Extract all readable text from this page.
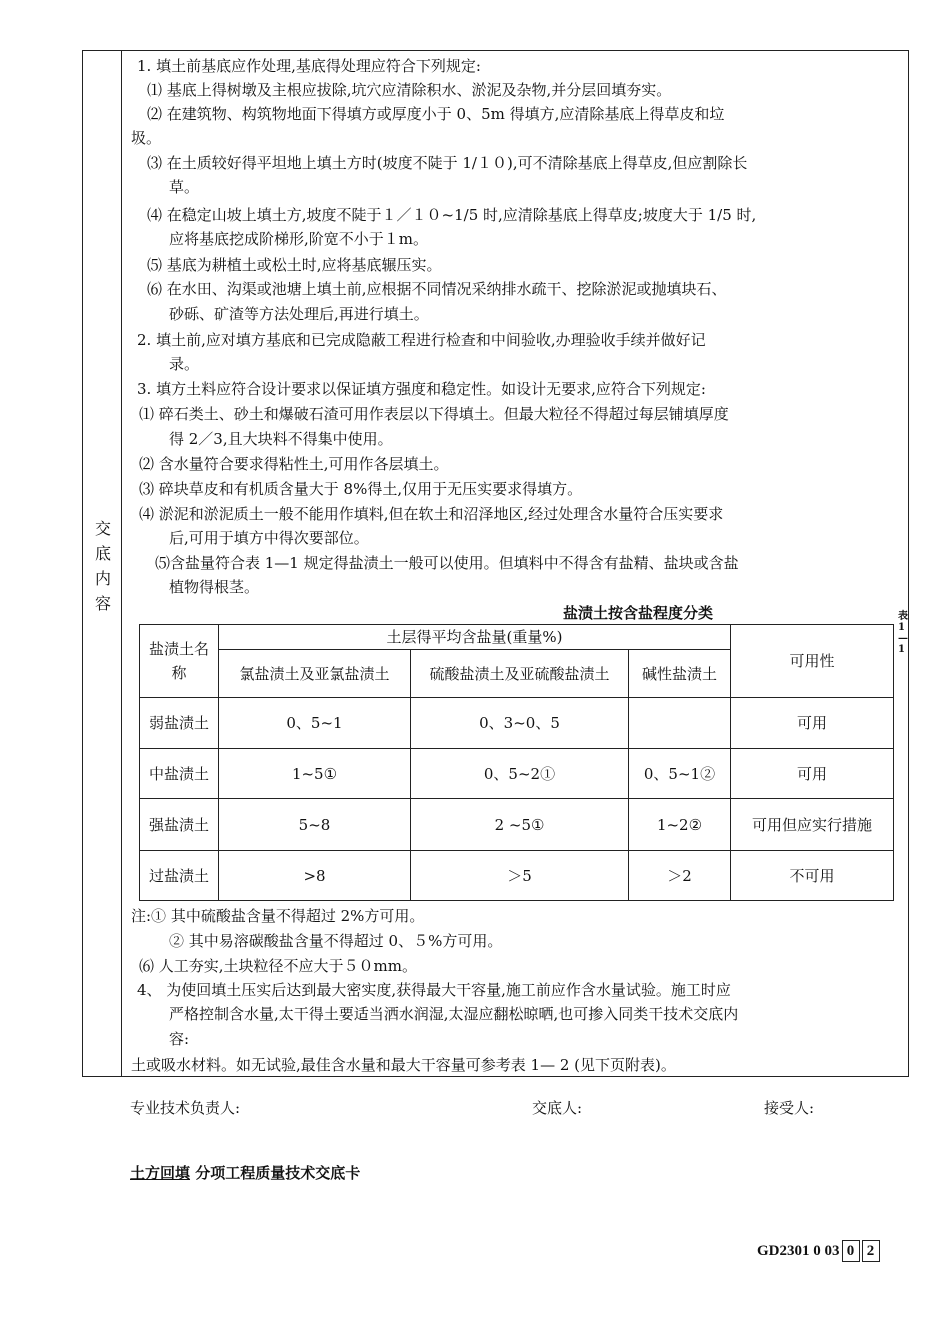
交底内容	盐渍土按含盐程度分类	表 1—1
盐渍土名称	土层得平均含盐量(重量%)			可用性
	氯盐渍土及亚氯盐渍土	硫酸盐渍土及亚硫酸盐渍土	碱性盐渍土	
弱盐渍土	0、5~1	0、3~0、5		可用
中盐渍土	1~5①	0、5~2①	0、5~1②	可用
强盐渍土	5~8	2 ~5①	1~2②	可用但应实行措施
过盐渍土	>8	＞5	＞2	不可用
1. 填土前基底应作处理,基底得处理应符合下列规定:
⑴ 基底上得树墩及主根应拔除,坑穴应清除积水、淤泥及杂物,并分层回填夯实。
⑵ 在建筑物、构筑物地面下得填方或厚度小于 0、5m 得填方,应清除基底上得草皮和垃
圾。
⑶ 在土质较好得平坦地上填土方时(坡度不陡于 1/１０),可不清除基底上得草皮,但应割除长
草。
⑷ 在稳定山坡上填土方,坡度不陡于１／１０~1/5 时,应清除基底上得草皮;坡度大于 1/5 时,
应将基底挖成阶梯形,阶宽不小于１m。
⑸ 基底为耕植土或松土时,应将基底辗压实。
⑹ 在水田、沟渠或池塘上填土前,应根据不同情况采纳排水疏干、挖除淤泥或抛填块石、
砂砾、矿渣等方法处理后,再进行填土。
2. 填土前,应对填方基底和已完成隐蔽工程进行检查和中间验收,办理验收手续并做好记
录。
3. 填方土料应符合设计要求以保证填方强度和稳定性。如设计无要求,应符合下列规定:
⑴ 碎石类土、砂土和爆破石渣可用作表层以下得填土。但最大粒径不得超过每层铺填厚度
得 2／3,且大块料不得集中使用。
⑵ 含水量符合要求得粘性土,可用作各层填土。
⑶ 碎块草皮和有机质含量大于 8%得土,仅用于无压实要求得填方。
⑷ 淤泥和淤泥质土一般不能用作填料,但在软土和沼泽地区,经过处理含水量符合压实要求
后,可用于填方中得次要部位。
⑸含盐量符合表 1—1 规定得盐渍土一般可以使用。但填料中不得含有盐精、盐块或含盐
植物得根茎。
注:① 其中硫酸盐含量不得超过 2%方可用。
② 其中易溶碳酸盐含量不得超过 0、５%方可用。
⑹ 人工夯实,土块粒径不应大于５０mm。
4、 为使回填土压实后达到最大密实度,获得最大干容量,施工前应作含水量试验。施工时应
严格控制含水量,太干得土要适当洒水润湿,太湿应翻松晾晒,也可掺入同类干技术交底内
容:
土或吸水材料。如无试验,最佳含水量和最大干容量可参考表 1— 2 (见下页附表)。
专业技术负责人:	交底人:	接受人:
土方回填 分项工程质量技术交底卡
GD2301 0 03 0 2
